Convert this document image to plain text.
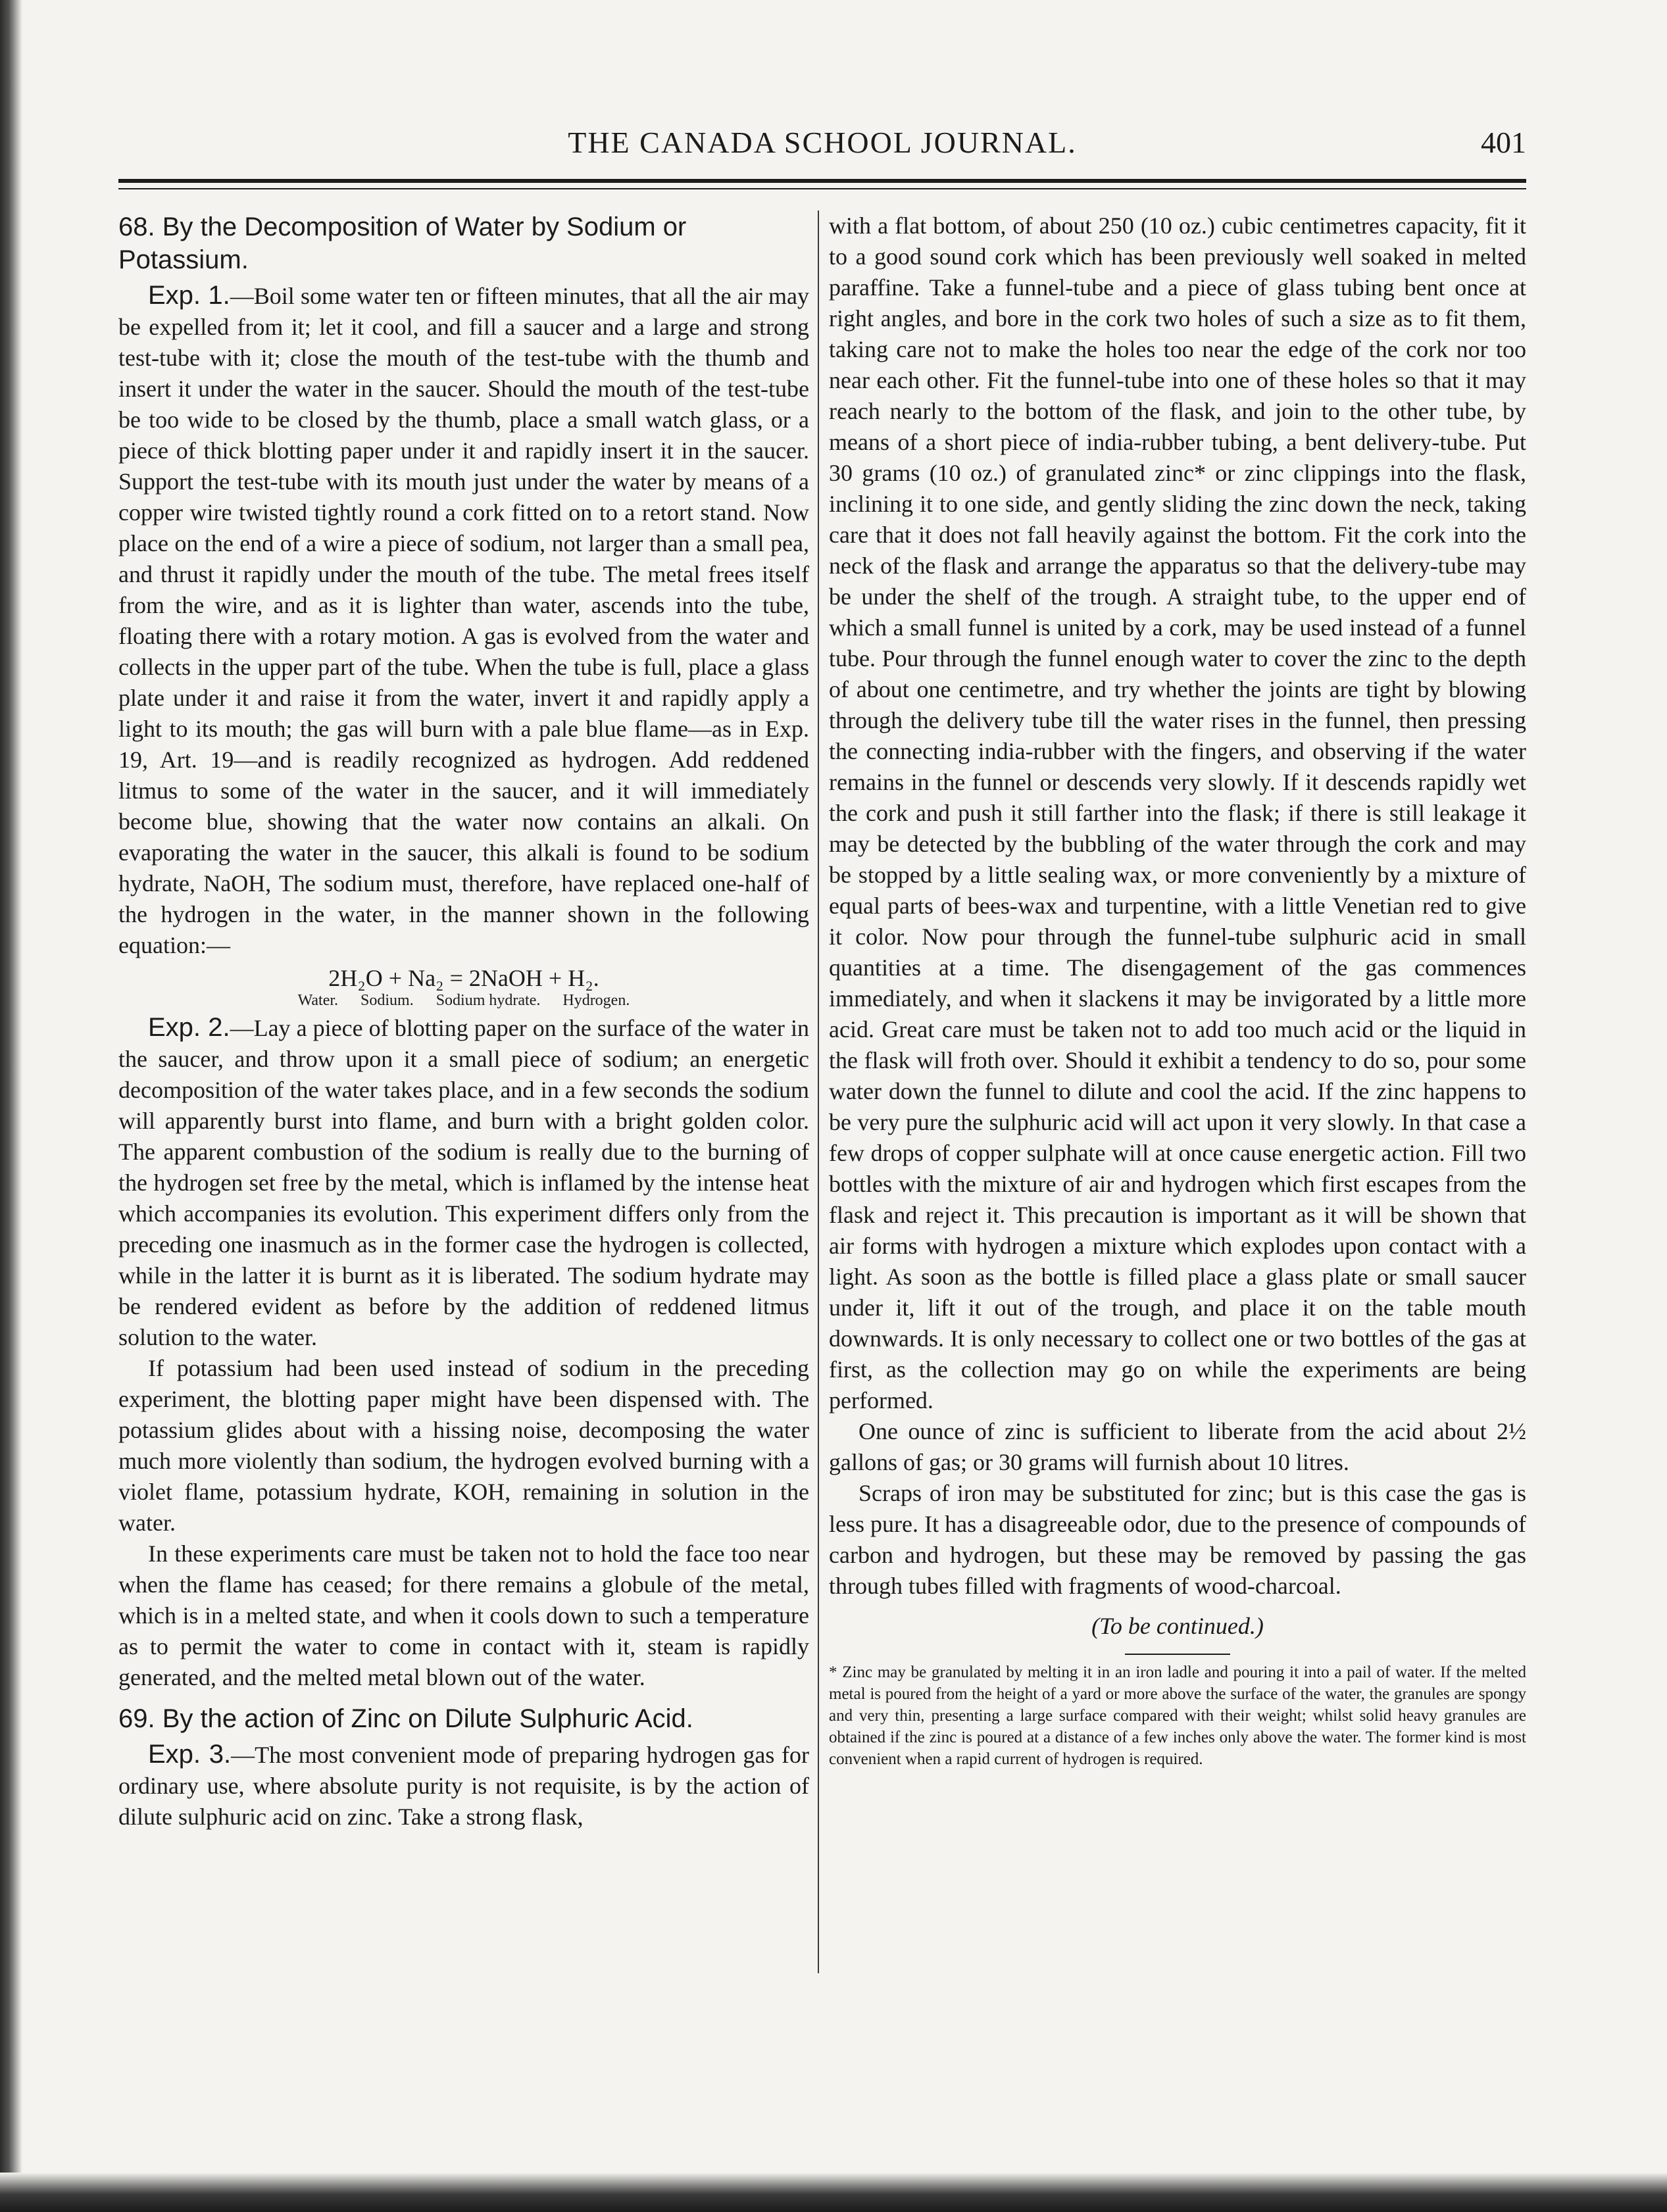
THE CANADA SCHOOL JOURNAL.	401

68. By the Decomposition of Water by Sodium or Potassium.

Exp. 1.—Boil some water ten or fifteen minutes, that all the air may be expelled from it; let it cool, and fill a saucer and a large and strong test-tube with it; close the mouth of the test-tube with the thumb and insert it under the water in the saucer. Should the mouth of the test-tube be too wide to be closed by the thumb, place a small watch glass, or a piece of thick blotting paper under it and rapidly insert it in the saucer. Support the test-tube with its mouth just under the water by means of a copper wire twisted tightly round a cork fitted on to a retort stand. Now place on the end of a wire a piece of sodium, not larger than a small pea, and thrust it rapidly under the mouth of the tube. The metal frees itself from the wire, and as it is lighter than water, ascends into the tube, floating there with a rotary motion. A gas is evolved from the water and collects in the upper part of the tube. When the tube is full, place a glass plate under it and raise it from the water, invert it and rapidly apply a light to its mouth; the gas will burn with a pale blue flame—as in Exp. 19, Art. 19—and is readily recognized as hydrogen. Add reddened litmus to some of the water in the saucer, and it will immediately become blue, showing that the water now contains an alkali. On evaporating the water in the saucer, this alkali is found to be sodium hydrate, NaOH, The sodium must, therefore, have replaced one-half of the hydrogen in the water, in the manner shown in the following equation:—

2H₂O + Na₂ = 2NaOH + H₂.
Water. Sodium. Sodium hydrate. Hydrogen.

Exp. 2.—Lay a piece of blotting paper on the surface of the water in the saucer, and throw upon it a small piece of sodium; an energetic decomposition of the water takes place, and in a few seconds the sodium will apparently burst into flame, and burn with a bright golden color. The apparent combustion of the sodium is really due to the burning of the hydrogen set free by the metal, which is inflamed by the intense heat which accompanies its evolution. This experiment differs only from the preceding one inasmuch as in the former case the hydrogen is collected, while in the latter it is burnt as it is liberated. The sodium hydrate may be rendered evident as before by the addition of reddened litmus solution to the water.

If potassium had been used instead of sodium in the preceding experiment, the blotting paper might have been dispensed with. The potassium glides about with a hissing noise, decomposing the water much more violently than sodium, the hydrogen evolved burning with a violet flame, potassium hydrate, KOH, remaining in solution in the water.

In these experiments care must be taken not to hold the face too near when the flame has ceased; for there remains a globule of the metal, which is in a melted state, and when it cools down to such a temperature as to permit the water to come in contact with it, steam is rapidly generated, and the melted metal blown out of the water.

69. By the action of Zinc on Dilute Sulphuric Acid.

Exp. 3.—The most convenient mode of preparing hydrogen gas for ordinary use, where absolute purity is not requisite, is by the action of dilute sulphuric acid on zinc. Take a strong flask,

with a flat bottom, of about 250 (10 oz.) cubic centimetres capacity, fit it to a good sound cork which has been previously well soaked in melted paraffine. Take a funnel-tube and a piece of glass tubing bent once at right angles, and bore in the cork two holes of such a size as to fit them, taking care not to make the holes too near the edge of the cork nor too near each other. Fit the funnel-tube into one of these holes so that it may reach nearly to the bottom of the flask, and join to the other tube, by means of a short piece of india-rubber tubing, a bent delivery-tube. Put 30 grams (10 oz.) of granulated zinc* or zinc clippings into the flask, inclining it to one side, and gently sliding the zinc down the neck, taking care that it does not fall heavily against the bottom. Fit the cork into the neck of the flask and arrange the apparatus so that the delivery-tube may be under the shelf of the trough. A straight tube, to the upper end of which a small funnel is united by a cork, may be used instead of a funnel tube. Pour through the funnel enough water to cover the zinc to the depth of about one centimetre, and try whether the joints are tight by blowing through the delivery tube till the water rises in the funnel, then pressing the connecting india-rubber with the fingers, and observing if the water remains in the funnel or descends very slowly. If it descends rapidly wet the cork and push it still farther into the flask; if there is still leakage it may be detected by the bubbling of the water through the cork and may be stopped by a little sealing wax, or more conveniently by a mixture of equal parts of bees-wax and turpentine, with a little Venetian red to give it color. Now pour through the funnel-tube sulphuric acid in small quantities at a time. The disengagement of the gas commences immediately, and when it slackens it may be invigorated by a little more acid. Great care must be taken not to add too much acid or the liquid in the flask will froth over. Should it exhibit a tendency to do so, pour some water down the funnel to dilute and cool the acid. If the zinc happens to be very pure the sulphuric acid will act upon it very slowly. In that case a few drops of copper sulphate will at once cause energetic action. Fill two bottles with the mixture of air and hydrogen which first escapes from the flask and reject it. This precaution is important as it will be shown that air forms with hydrogen a mixture which explodes upon contact with a light. As soon as the bottle is filled place a glass plate or small saucer under it, lift it out of the trough, and place it on the table mouth downwards. It is only necessary to collect one or two bottles of the gas at first, as the collection may go on while the experiments are being performed.

One ounce of zinc is sufficient to liberate from the acid about 2½ gallons of gas; or 30 grams will furnish about 10 litres.

Scraps of iron may be substituted for zinc; but is this case the gas is less pure. It has a disagreeable odor, due to the presence of compounds of carbon and hydrogen, but these may be removed by passing the gas through tubes filled with fragments of wood-charcoal.

(To be continued.)

* Zinc may be granulated by melting it in an iron ladle and pouring it into a pail of water. If the melted metal is poured from the height of a yard or more above the surface of the water, the granules are spongy and very thin, presenting a large surface compared with their weight; whilst solid heavy granules are obtained if the zinc is poured at a distance of a few inches only above the water. The former kind is most convenient when a rapid current of hydrogen is required.
